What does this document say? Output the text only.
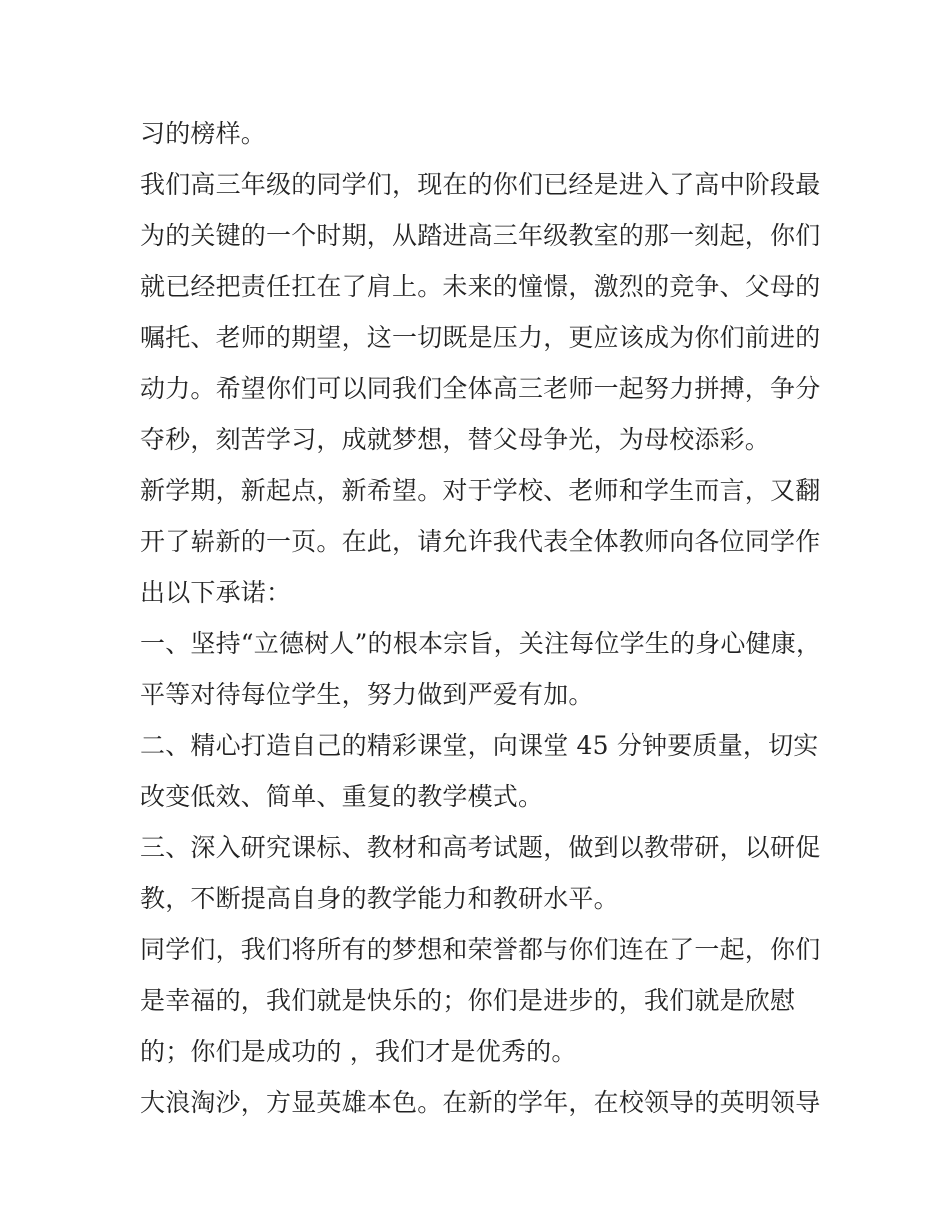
习的榜样。

我们高三年级的同学们，现在的你们已经是进入了高中阶段最

为的关键的一个时期，从踏进高三年级教室的那一刻起，你们

就已经把责任扛在了肩上。未来的憧憬，激烈的竞争、父母的

嘱托、老师的期望，这一切既是压力，更应该成为你们前进的

动力。希望你们可以同我们全体高三老师一起努力拼搏，争分

夺秒，刻苦学习，成就梦想，替父母争光，为母校添彩。

新学期，新起点，新希望。对于学校、老师和学生而言，又翻

开了崭新的一页。在此，请允许我代表全体教师向各位同学作

出以下承诺：

一、坚持“立德树人”的根本宗旨，关注每位学生的身心健康，

平等对待每位学生，努力做到严爱有加。

二、精心打造自己的精彩课堂，向课堂 45 分钟要质量，切实

改变低效、简单、重复的教学模式。

三、深入研究课标、教材和高考试题，做到以教带研，以研促

教，不断提高自身的教学能力和教研水平。

同学们，我们将所有的梦想和荣誉都与你们连在了一起，你们

是幸福的，我们就是快乐的；你们是进步的，我们就是欣慰

的；你们是成功的 ，我们才是优秀的。

大浪淘沙，方显英雄本色。在新的学年，在校领导的英明领导
